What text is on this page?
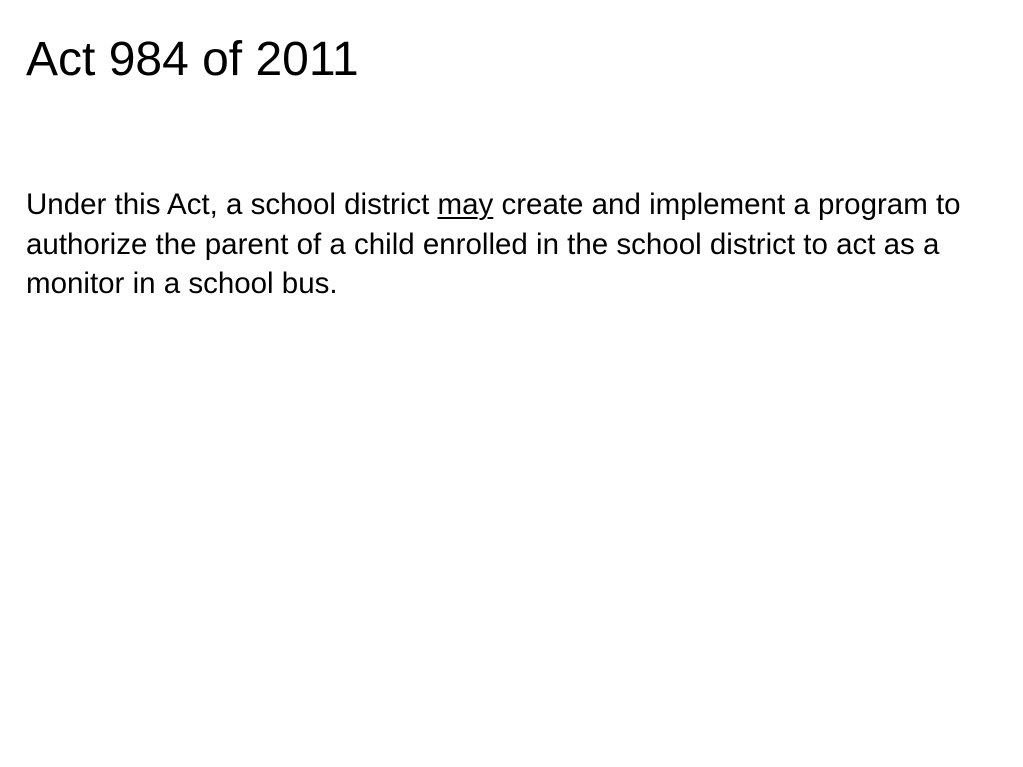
Act 984 of 2011

Under this Act, a school district may create and implement a program to authorize the parent of a child enrolled in the school district to act as a monitor in a school bus.
